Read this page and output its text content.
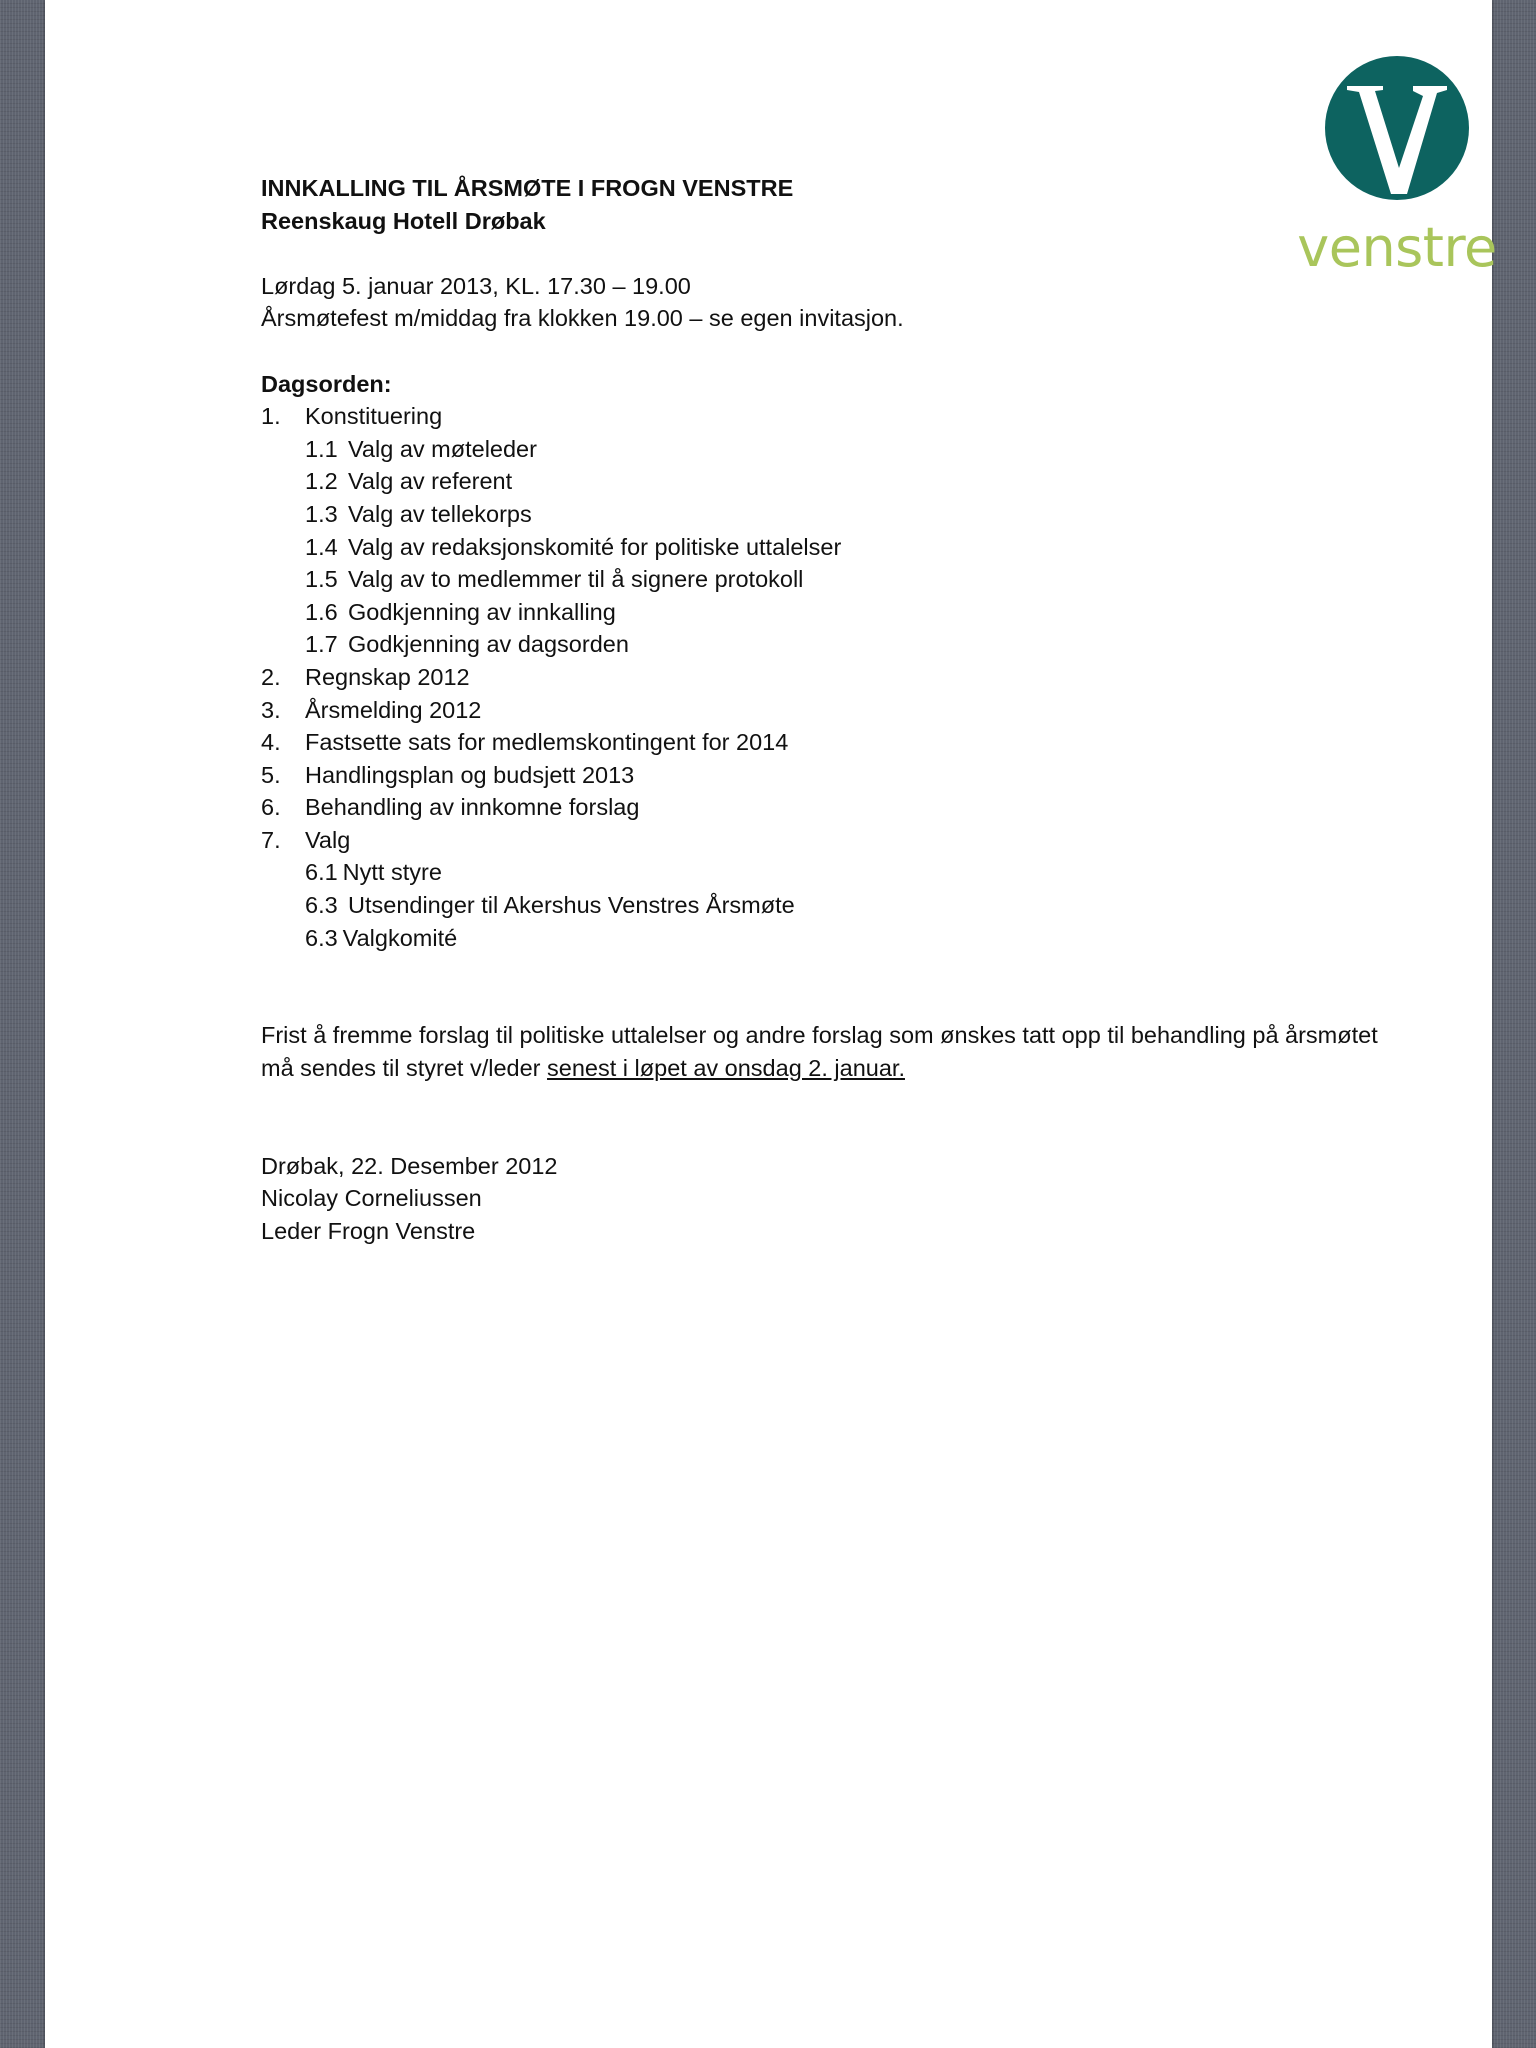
venstre
INNKALLING TIL ÅRSMØTE I FROGN VENSTRE
Reenskaug Hotell Drøbak
Lørdag 5. januar 2013, KL. 17.30 – 19.00
Årsmøtefest m/middag fra klokken 19.00 – se egen invitasjon.
Dagsorden:
1.	Konstituering
1.1 Valg av møteleder
1.2 Valg av referent
1.3 Valg av tellekorps
1.4 Valg av redaksjonskomité for politiske uttalelser
1.5 Valg av to medlemmer til å signere protokoll
1.6 Godkjenning av innkalling
1.7 Godkjenning av dagsorden
2.	Regnskap 2012
3.	Årsmelding 2012
4.	Fastsette sats for medlemskontingent for 2014
5.	Handlingsplan og budsjett 2013
6.	Behandling av innkomne forslag
7.	Valg
6.1 Nytt styre
6.3 Utsendinger til Akershus Venstres Årsmøte
6.3 Valgkomité
Frist å fremme forslag til politiske uttalelser og andre forslag som ønskes tatt opp til behandling på årsmøtet må sendes til styret v/leder senest i løpet av onsdag 2. januar.
Drøbak, 22. Desember 2012
Nicolay Corneliussen
Leder Frogn Venstre
